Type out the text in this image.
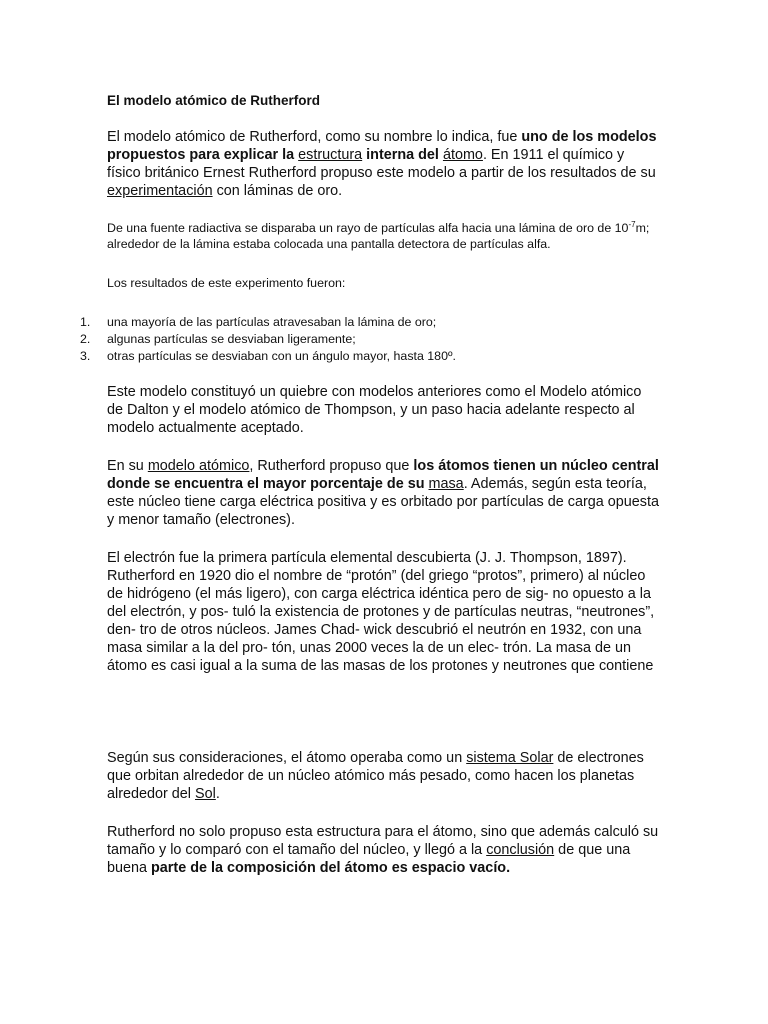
El modelo atómico de Rutherford

El modelo atómico de Rutherford, como su nombre lo indica, fue uno de los modelos propuestos para explicar la estructura interna del átomo. En 1911 el químico y físico británico Ernest Rutherford propuso este modelo a partir de los resultados de su experimentación con láminas de oro.

De una fuente radiactiva se disparaba un rayo de partículas alfa hacia una lámina de oro de $10^{-7}m$; alrededor de la lámina estaba colocada una pantalla detectora de partículas alfa.

Los resultados de este experimento fueron:

1. una mayoría de las partículas atravesaban la lámina de oro;
2. algunas partículas se desviaban ligeramente;
3. otras partículas se desviaban con un ángulo mayor, hasta 180º.

Este modelo constituyó un quiebre con modelos anteriores como el Modelo atómico de Dalton y el modelo atómico de Thompson, y un paso hacia adelante respecto al modelo actualmente aceptado.

En su modelo atómico, Rutherford propuso que los átomos tienen un núcleo central donde se encuentra el mayor porcentaje de su masa. Además, según esta teoría, este núcleo tiene carga eléctrica positiva y es orbitado por partículas de carga opuesta y menor tamaño (electrones).

El electrón fue la primera partícula elemental descubierta (J. J. Thompson, 1897). Rutherford en 1920 dio el nombre de “protón” (del griego “protos”, primero) al núcleo de hidrógeno (el más ligero), con carga eléctrica idéntica pero de sig- no opuesto a la del electrón, y pos- tuló la existencia de protones y de partículas neutras, “neutrones”, den- tro de otros núcleos. James Chad- wick descubrió el neutrón en 1932, con una masa similar a la del pro- tón, unas 2000 veces la de un elec- trón. La masa de un átomo es casi igual a la suma de las masas de los protones y neutrones que contiene

Según sus consideraciones, el átomo operaba como un sistema Solar de electrones que orbitan alrededor de un núcleo atómico más pesado, como hacen los planetas alrededor del Sol.

Rutherford no solo propuso esta estructura para el átomo, sino que además calculó su tamaño y lo comparó con el tamaño del núcleo, y llegó a la conclusión de que una buena parte de la composición del átomo es espacio vacío.
